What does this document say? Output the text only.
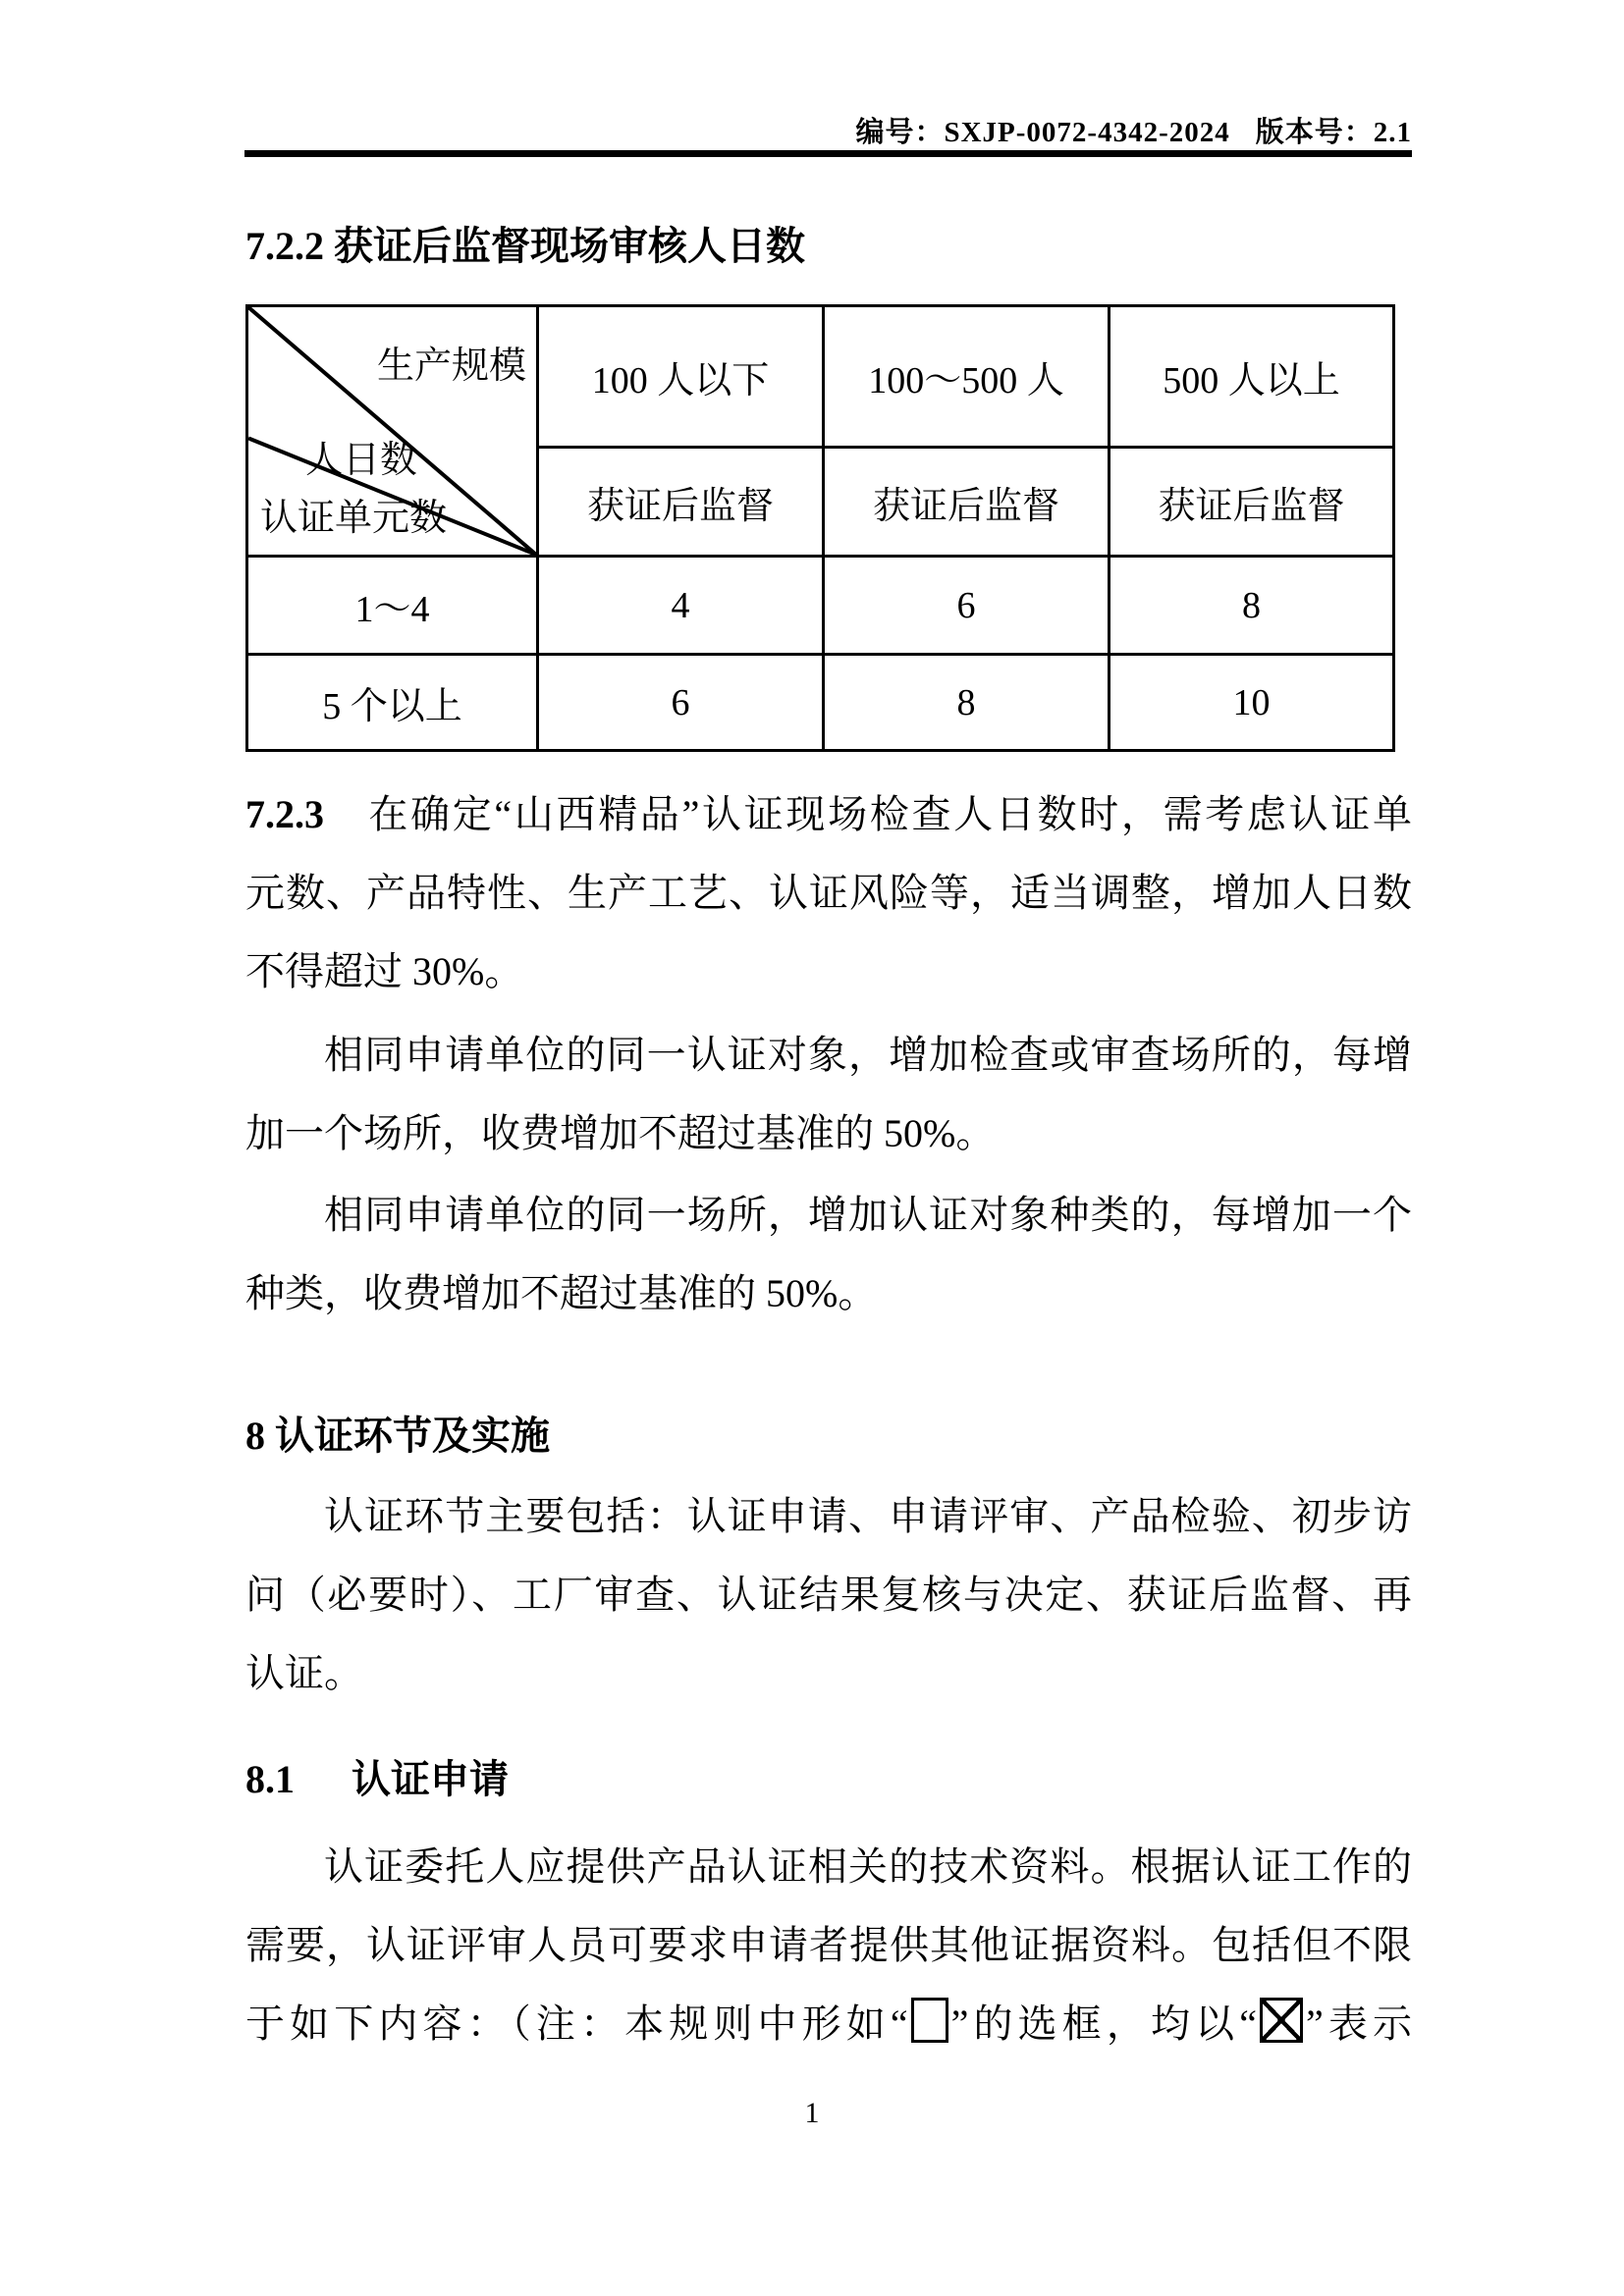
编号：SXJP-0072-4342-2024 版本号：2.1
7.2.2 获证后监督现场审核人日数
生产规模
人日数
认证单元数	100 人以下	100～500 人	500 人以上
	获证后监督	获证后监督	获证后监督
1～4	4	6	8
5 个以上	6	8	10
7.2.3　在确定“山西精品”认证现场检查人日数时，需考虑认证单
元数、产品特性、生产工艺、认证风险等，适当调整，增加人日数
不得超过 30%。
相同申请单位的同一认证对象，增加检查或审查场所的，每增
加一个场所，收费增加不超过基准的 50%。
相同申请单位的同一场所，增加认证对象种类的，每增加一个
种类，收费增加不超过基准的 50%。
8 认证环节及实施
认证环节主要包括：认证申请、申请评审、产品检验、初步访
问（必要时）、工厂审查、认证结果复核与决定、获证后监督、再
认证。
8.1 认证申请
认证委托人应提供产品认证相关的技术资料。根据认证工作的
需要，认证评审人员可要求申请者提供其他证据资料。包括但不限
于如下内容：（注：本规则中形如“ ”的选框，均以“ ”表示
1
